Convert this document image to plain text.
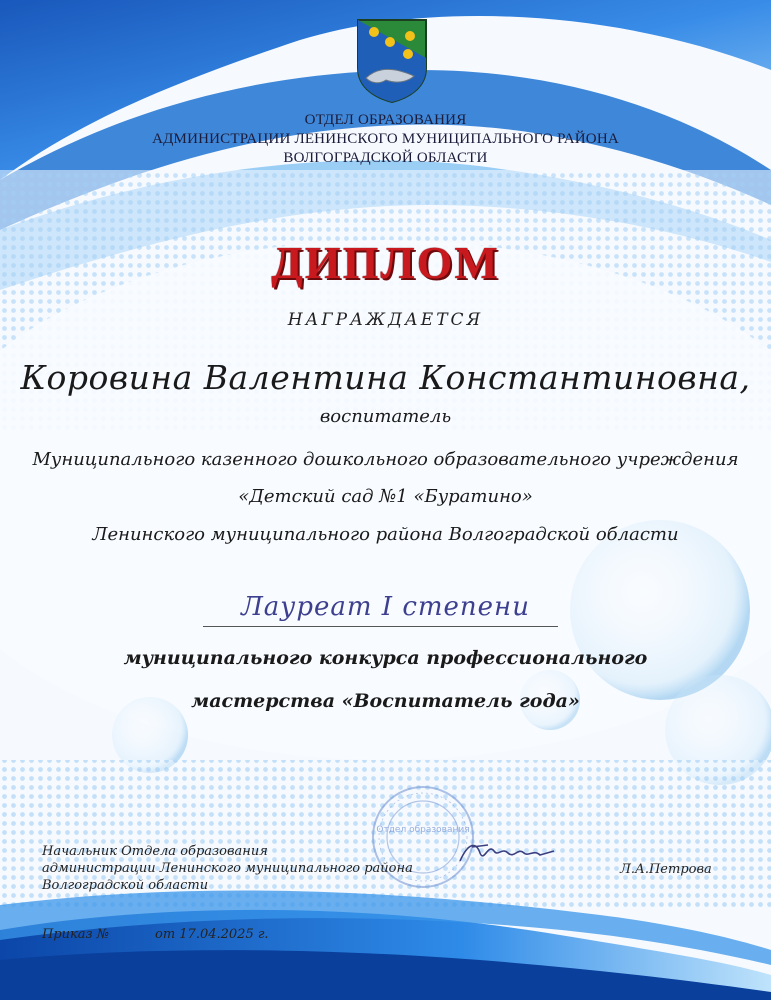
ОТДЕЛ ОБРАЗОВАНИЯ
АДМИНИСТРАЦИИ ЛЕНИНСКОГО МУНИЦИПАЛЬНОГО РАЙОНА
ВОЛГОГРАДСКОЙ ОБЛАСТИ
ДИПЛОМ
НАГРАЖДАЕТСЯ
Коровина Валентина Константиновна,
воспитатель
Муниципального казенного дошкольного образовательного учреждения
«Детский сад №1 «Буратино»
Ленинского муниципального района Волгоградской области
Лауреат I степени
муниципального конкурса профессионального
мастерства «Воспитатель года»
Отдел образования
Начальник Отдела образования
администрации Ленинского муниципального района
Волгоградской области
Л.А.Петрова
Приказ №	от 17.04.2025 г.
